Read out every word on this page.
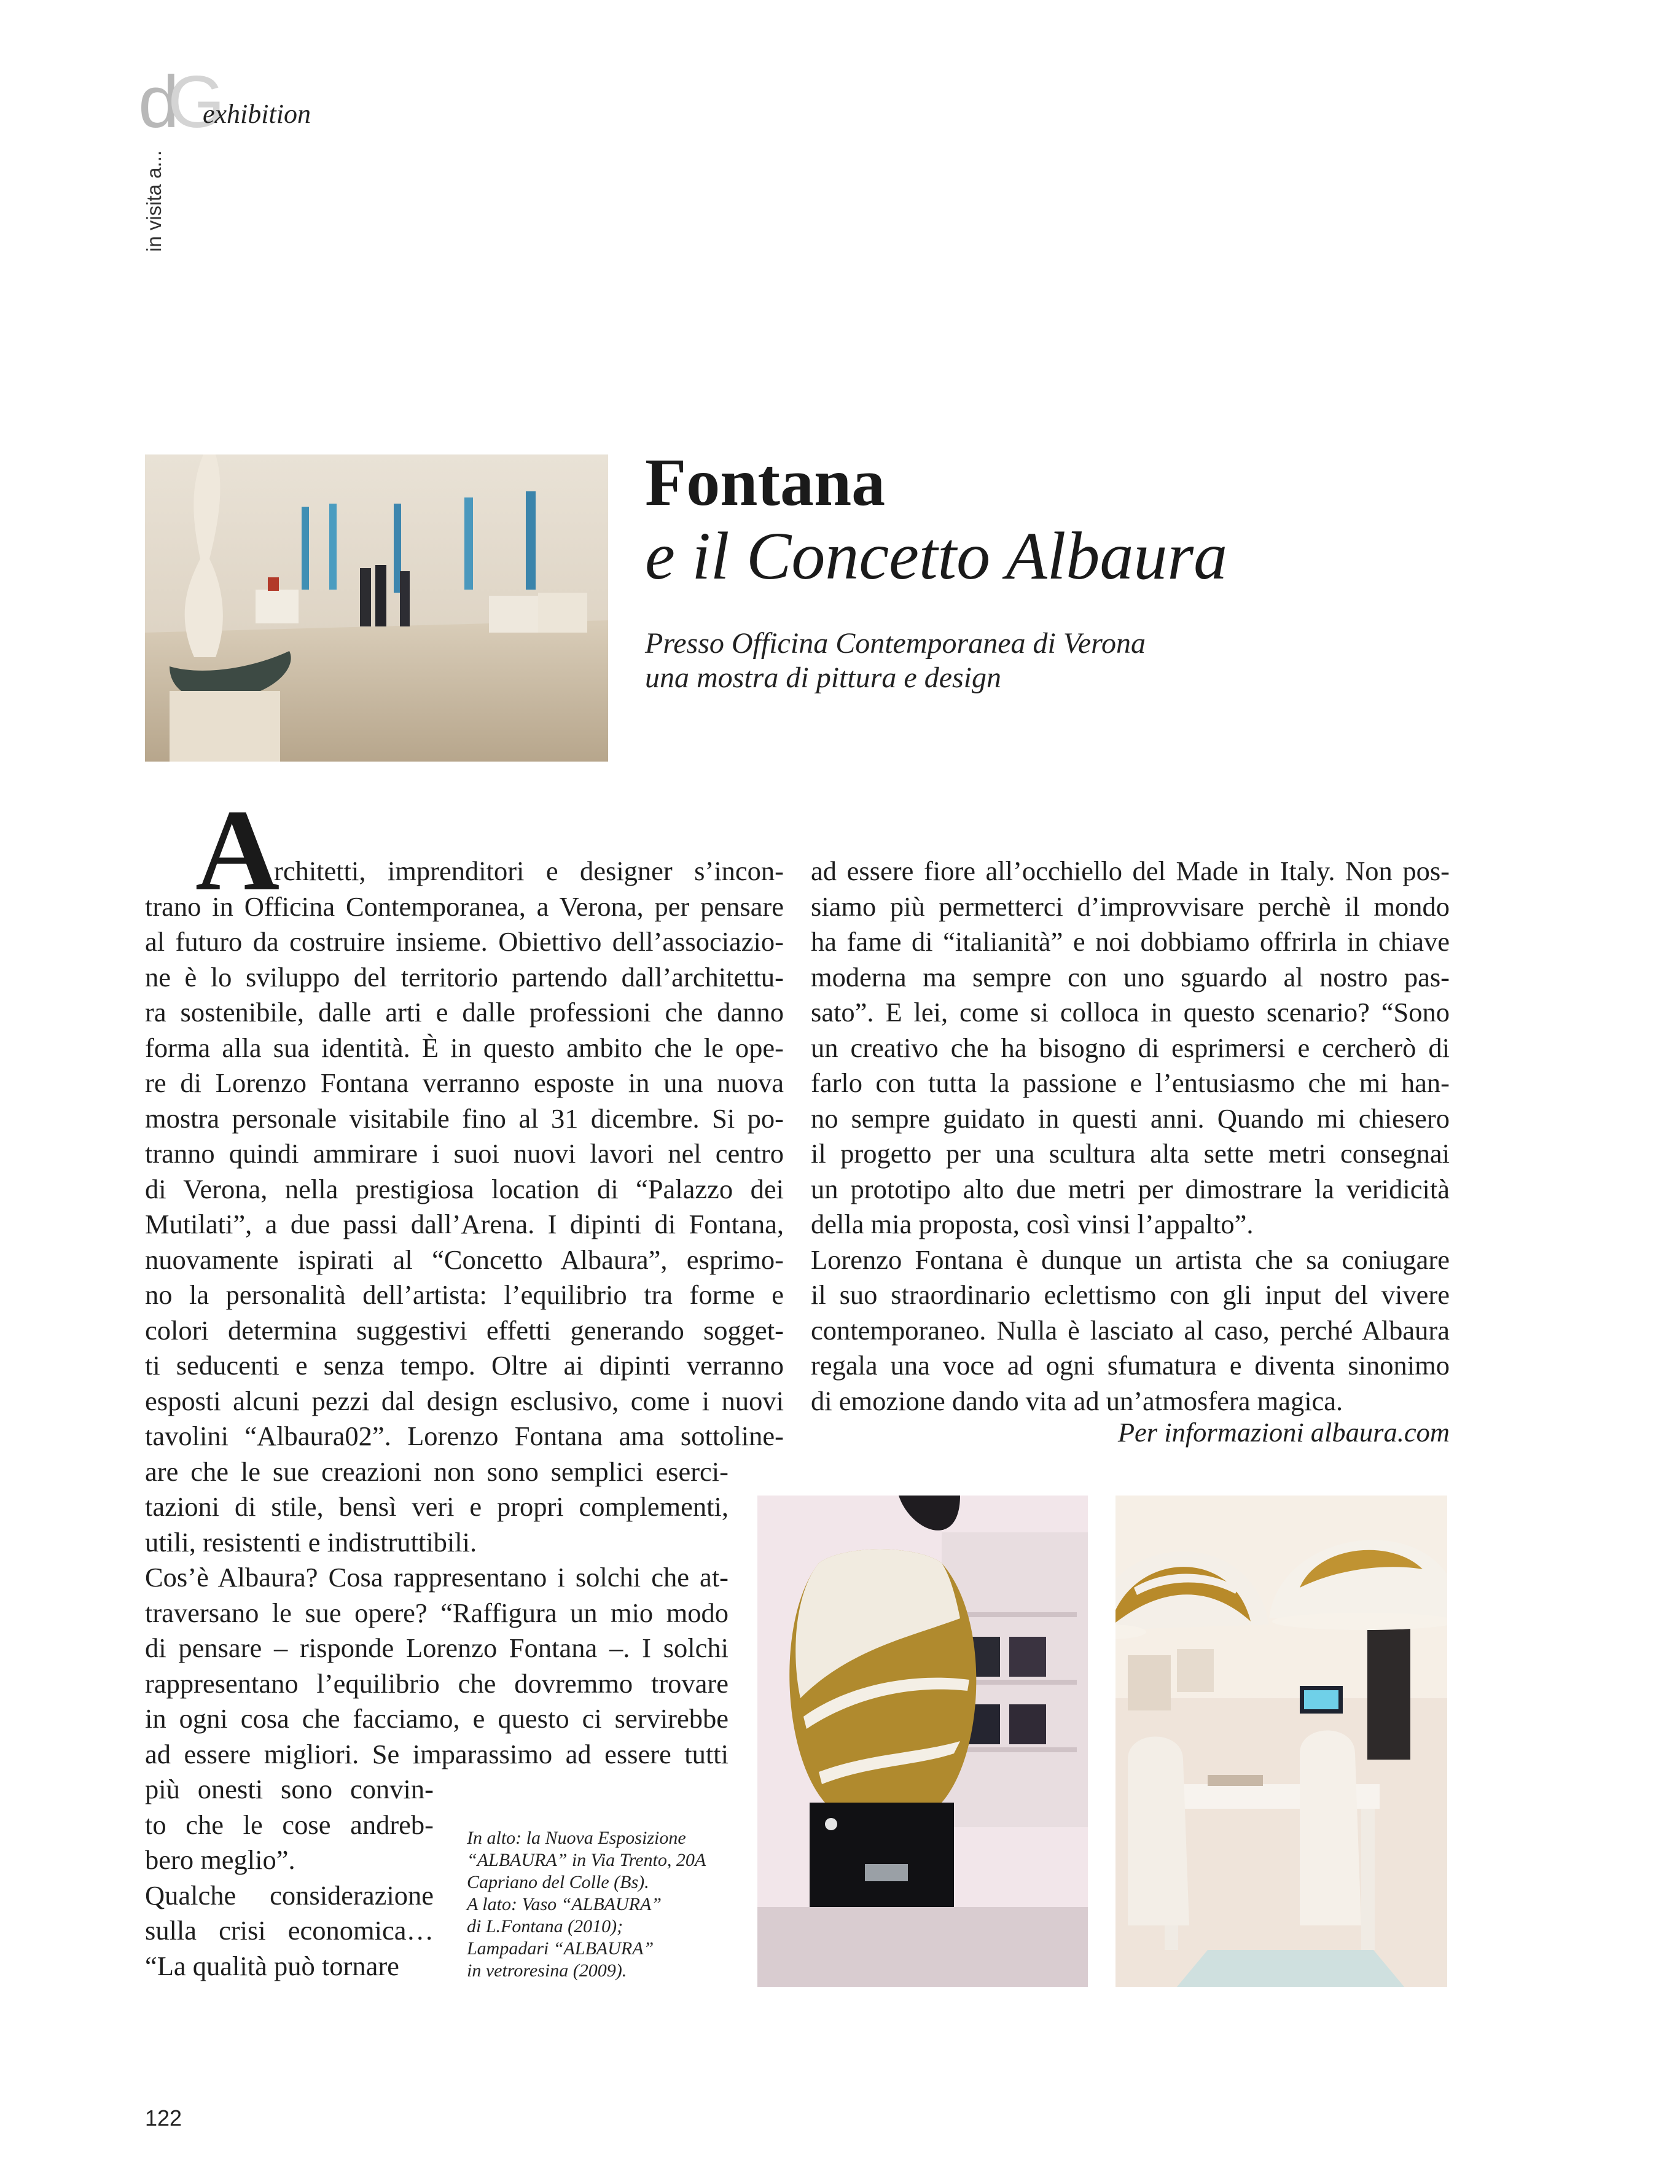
d
G
exhibition
in visita a...
Fontana
e il Concetto Albaura
Presso Officina Contemporanea di Verona
una mostra di pittura e design
A
rchitetti, imprenditori e designer s’incon-
trano in Officina Contemporanea, a Verona, per pensare
al futuro da costruire insieme. Obiettivo dell’associazio-
ne è lo sviluppo del territorio partendo dall’architettu-
ra sostenibile, dalle arti e dalle professioni che danno
forma alla sua identità. È in questo ambito che le ope-
re di Lorenzo Fontana verranno esposte in una nuova
mostra personale visitabile fino al 31 dicembre. Si po-
tranno quindi ammirare i suoi nuovi lavori nel centro
di Verona, nella prestigiosa location di “Palazzo dei
Mutilati”, a due passi dall’Arena. I dipinti di Fontana,
nuovamente ispirati al “Concetto Albaura”, esprimo-
no la personalità dell’artista: l’equilibrio tra forme e
colori determina suggestivi effetti generando sogget-
ti seducenti e senza tempo. Oltre ai dipinti verranno
esposti alcuni pezzi dal design esclusivo, come i nuovi
tavolini “Albaura02”. Lorenzo Fontana ama sottoline-
are che le sue creazioni non sono semplici eserci-
tazioni di stile, bensì veri e propri complementi,
utili, resistenti e indistruttibili.
Cos’è Albaura? Cosa rappresentano i solchi che at-
traversano le sue opere? “Raffigura un mio modo
di pensare – risponde Lorenzo Fontana –. I solchi
rappresentano l’equilibrio che dovremmo trovare
in ogni cosa che facciamo, e questo ci servirebbe
ad essere migliori. Se imparassimo ad essere tutti
più onesti sono convin-
to che le cose andreb-
bero meglio”.
Qualche considerazione
sulla crisi economica…
“La qualità può tornare
ad essere fiore all’occhiello del Made in Italy. Non pos-
siamo più permetterci d’improvvisare perchè il mondo
ha fame di “italianità” e noi dobbiamo offrirla in chiave
moderna ma sempre con uno sguardo al nostro pas-
sato”. E lei, come si colloca in questo scenario? “Sono
un creativo che ha bisogno di esprimersi e cercherò di
farlo con tutta la passione e l’entusiasmo che mi han-
no sempre guidato in questi anni. Quando mi chiesero
il progetto per una scultura alta sette metri consegnai
un prototipo alto due metri per dimostrare la veridicità
della mia proposta, così vinsi l’appalto”.
Lorenzo Fontana è dunque un artista che sa coniugare
il suo straordinario eclettismo con gli input del vivere
contemporaneo. Nulla è lasciato al caso, perché Albaura
regala una voce ad ogni sfumatura e diventa sinonimo
di emozione dando vita ad un’atmosfera magica.
Per informazioni albaura.com
In alto: la Nuova Esposizione
“ALBAURA” in Via Trento, 20A
Capriano del Colle (Bs).
A lato: Vaso “ALBAURA”
di L.Fontana (2010);
Lampadari “ALBAURA”
in vetroresina (2009).
122
